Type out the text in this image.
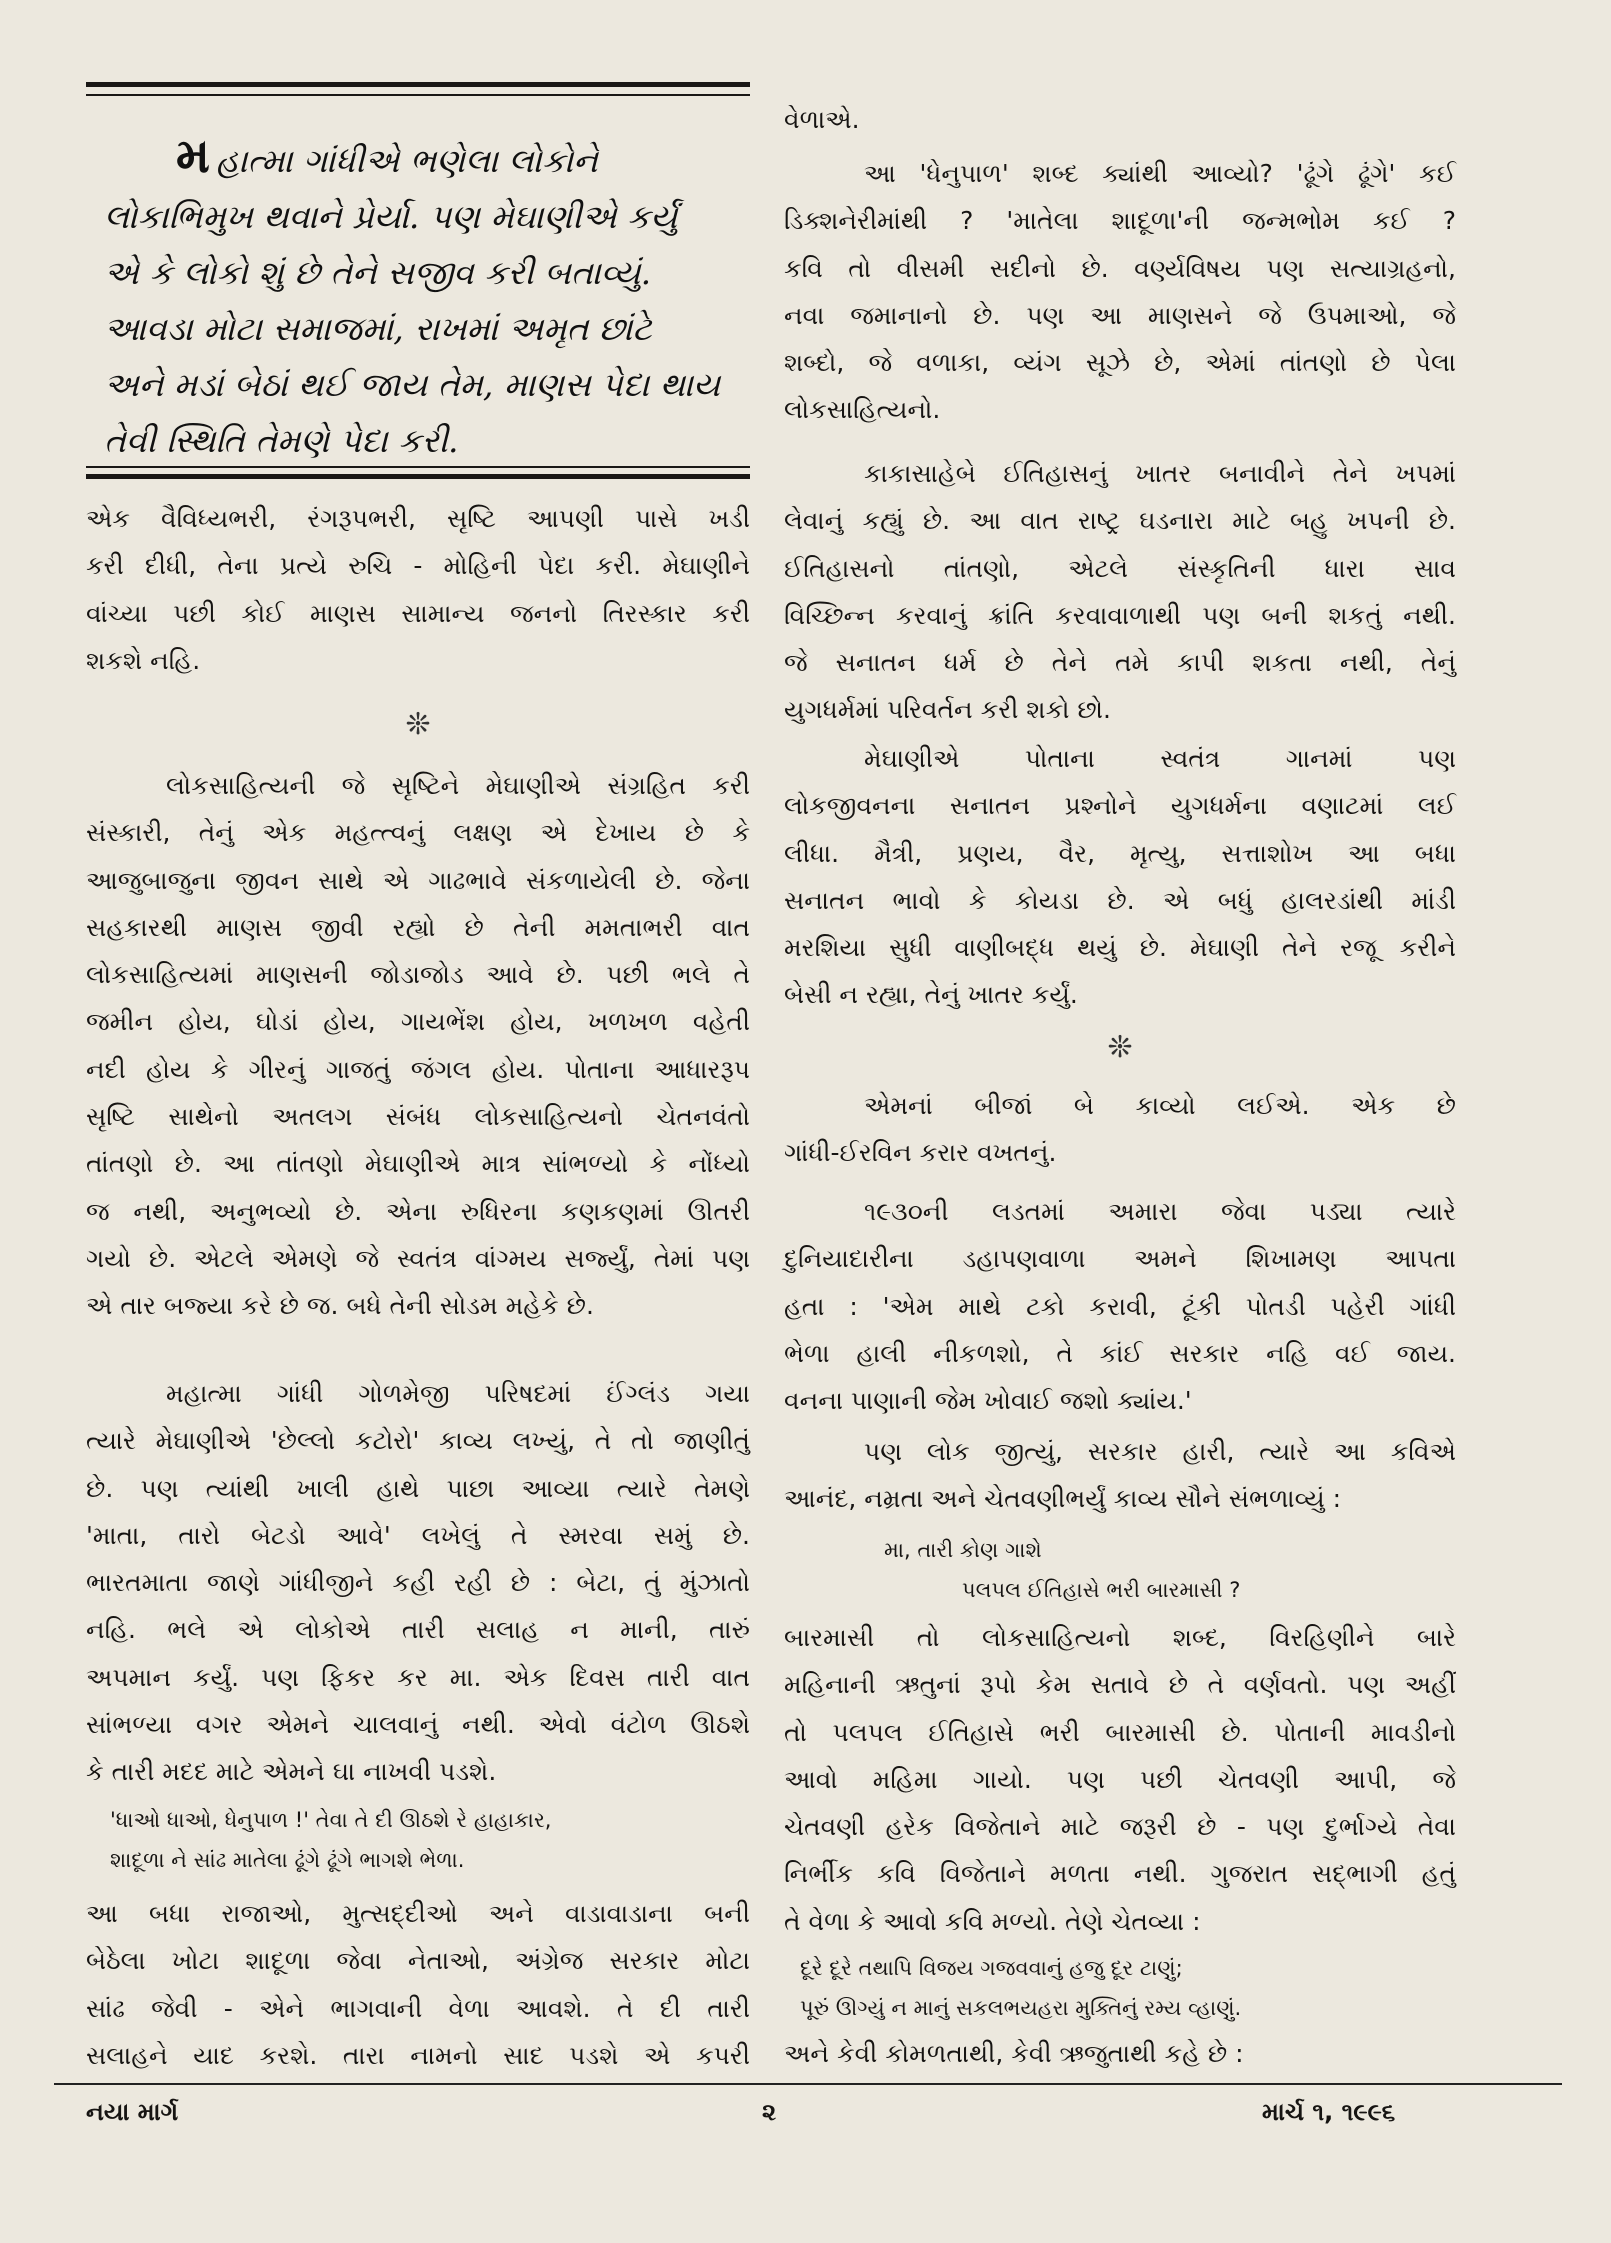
મ હાત્મા ગાંધીએ ભણેલા લોકોને
લોકાભિમુખ થવાને પ્રેર્યા. પણ મેઘાણીએ કર્યું
એ કે લોકો શું છે તેને સજીવ કરી બતાવ્યું.
આવડા મોટા સમાજમાં, રાખમાં અમૃત છાંટે
અને મડાં બેઠાં થઈ જાય તેમ, માણસ પેદા થાય
તેવી સ્થિતિ તેમણે પેદા કરી.
એક વૈવિધ્યભરી, રંગરૂપભરી, સૃષ્ટિ આપણી પાસે ખડી
કરી દીધી, તેના પ્રત્યે રુચિ - મોહિની પેદા કરી. મેઘાણીને
વાંચ્યા પછી કોઈ માણસ સામાન્ય જનનો તિરસ્કાર કરી
શકશે નહિ.
❊
લોકસાહિત્યની જે સૃષ્ટિને મેઘાણીએ સંગ્રહિત કરી
સંસ્કારી, તેનું એક મહત્ત્વનું લક્ષણ એ દેખાય છે કે
આજુબાજુના જીવન સાથે એ ગાઢભાવે સંકળાયેલી છે. જેના
સહકારથી માણસ જીવી રહ્યો છે તેની મમતાભરી વાત
લોકસાહિત્યમાં માણસની જોડાજોડ આવે છે. પછી ભલે તે
જમીન હોય, ઘોડાં હોય, ગાયભેંશ હોય, ખળખળ વહેતી
નદી હોય કે ગીરનું ગાજતું જંગલ હોય. પોતાના આધારરૂપ
સૃષ્ટિ સાથેનો અતલગ સંબંધ લોકસાહિત્યનો ચેતનવંતો
તાંતણો છે. આ તાંતણો મેઘાણીએ માત્ર સાંભળ્યો કે નોંધ્યો
જ નથી, અનુભવ્યો છે. એના રુધિરના કણકણમાં ઊતરી
ગયો છે. એટલે એમણે જે સ્વતંત્ર વાંગ્મય સર્જ્યું, તેમાં પણ
એ તાર બજ્યા કરે છે જ. બધે તેની સોડમ મહેકે છે.
મહાત્મા ગાંધી ગોળમેજી પરિષદમાં ઈંગ્લંડ ગયા
ત્યારે મેઘાણીએ 'છેલ્લો કટોરો' કાવ્ય લખ્યું, તે તો જાણીતું
છે. પણ ત્યાંથી ખાલી હાથે પાછા આવ્યા ત્યારે તેમણે
'માતા, તારો બેટડો આવે' લખેલું તે સ્મરવા સમું છે.
ભારતમાતા જાણે ગાંધીજીને કહી રહી છે : બેટા, તું મુંઝાતો
નહિ. ભલે એ લોકોએ તારી સલાહ ન માની, તારું
અપમાન કર્યું. પણ ફિકર કર મા. એક દિવસ તારી વાત
સાંભળ્યા વગર એમને ચાલવાનું નથી. એવો વંટોળ ઊઠશે
કે તારી મદદ માટે એમને ઘા નાખવી પડશે.
'ધાઓ ધાઓ, ધેનુપાળ !' તેવા તે દી ઊઠશે રે હાહાકાર,
શાદૂળા ને સાંઢ માતેલા ઢૂંગે ઢૂંગે ભાગશે ભેળા.
આ બધા રાજાઓ, મુત્સદ્દીઓ અને વાડાવાડાના બની
બેઠેલા ખોટા શાદૂળા જેવા નેતાઓ, અંગ્રેજ સરકાર મોટા
સાંઢ જેવી - એને ભાગવાની વેળા આવશે. તે દી તારી
સલાહને યાદ કરશે. તારા નામનો સાદ પડશે એ કપરી
વેળાએ.
આ 'ધેનુપાળ' શબ્દ ક્યાંથી આવ્યો? 'ઢૂંગે ઢૂંગે' કઈ
ડિક્શનેરીમાંથી ? 'માતેલા શાદૂળા'ની જન્મભોમ કઈ ?
કવિ તો વીસમી સદીનો છે. વર્ણ્યવિષય પણ સત્યાગ્રહનો,
નવા જમાનાનો છે. પણ આ માણસને જે ઉપમાઓ, જે
શબ્દો, જે વળાકા, વ્યંગ સૂઝે છે, એમાં તાંતણો છે પેલા
લોકસાહિત્યનો.
કાકાસાહેબે ઈતિહાસનું ખાતર બનાવીને તેને ખપમાં
લેવાનું કહ્યું છે. આ વાત રાષ્ટ્ર ઘડનારા માટે બહુ ખપની છે.
ઈતિહાસનો તાંતણો, એટલે સંસ્કૃતિની ધારા સાવ
વિચ્છિન્ન કરવાનું ક્રાંતિ કરવાવાળાથી પણ બની શકતું નથી.
જે સનાતન ધર્મ છે તેને તમે કાપી શકતા નથી, તેનું
યુગધર્મમાં પરિવર્તન કરી શકો છો.
મેઘાણીએ પોતાના સ્વતંત્ર ગાનમાં પણ
લોકજીવનના સનાતન પ્રશ્નોને યુગધર્મના વણાટમાં લઈ
લીધા. મૈત્રી, પ્રણય, વૈર, મૃત્યુ, સત્તાશોખ આ બધા
સનાતન ભાવો કે કોયડા છે. એ બધું હાલરડાંથી માંડી
મરશિયા સુધી વાણીબદ્ધ થયું છે. મેઘાણી તેને રજૂ કરીને
બેસી ન રહ્યા, તેનું ખાતર કર્યું.
❊
એમનાં બીજાં બે કાવ્યો લઈએ. એક છે
ગાંધી-ઈરવિન કરાર વખતનું.
૧૯૩૦ની લડતમાં અમારા જેવા પડ્યા ત્યારે
દુનિયાદારીના ડહાપણવાળા અમને શિખામણ આપતા
હતા : 'એમ માથે ટકો કરાવી, ટૂંકી પોતડી પહેરી ગાંધી
ભેળા હાલી નીકળશો, તે કાંઈ સરકાર નહિ વઈ જાય.
વનના પાણાની જેમ ખોવાઈ જશો ક્યાંય.'
પણ લોક જીત્યું, સરકાર હારી, ત્યારે આ કવિએ
આનંદ, નમ્રતા અને ચેતવણીભર્યું કાવ્ય સૌને સંભળાવ્યું :
મા, તારી કોણ ગાશે
પલપલ ઈતિહાસે ભરી બારમાસી ?
બારમાસી તો લોકસાહિત્યનો શબ્દ, વિરહિણીને બારે
મહિનાની ઋતુનાં રૂપો કેમ સતાવે છે તે વર્ણવતો. પણ અહીં
તો પલપલ ઈતિહાસે ભરી બારમાસી છે. પોતાની માવડીનો
આવો મહિમા ગાયો. પણ પછી ચેતવણી આપી, જે
ચેતવણી હરેક વિજેતાને માટે જરૂરી છે - પણ દુર્ભાગ્યે તેવા
નિર્ભીક કવિ વિજેતાને મળતા નથી. ગુજરાત સદ્ભાગી હતું
તે વેળા કે આવો કવિ મળ્યો. તેણે ચેતવ્યા :
દૂરે દૂરે તથાપિ વિજય ગજવવાનું હજુ દૂર ટાણું;
પૂરું ઊગ્યું ન માનું સકલભયહરા મુક્તિનું રમ્ય વ્હાણું.
અને કેવી કોમળતાથી, કેવી ઋજુતાથી કહે છે :
નયા માર્ગ	૨	માર્ચ ૧, ૧૯૯૬
